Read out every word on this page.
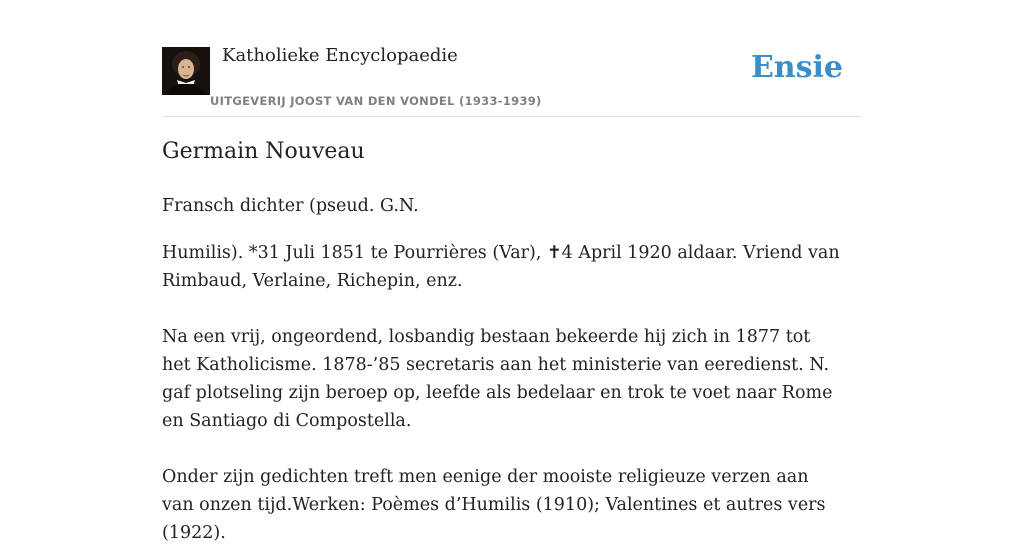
Katholieke Encyclopaedie
UITGEVERIJ JOOST VAN DEN VONDEL (1933-1939)
Ensie
Germain Nouveau

Fransch dichter (pseud. G.N.

Humilis). *31 Juli 1851 te Pourrières (Var), ✝4 April 1920 aldaar. Vriend van Rimbaud, Verlaine, Richepin, enz.

Na een vrij, ongeordend, losbandig bestaan bekeerde hij zich in 1877 tot het Katholicisme. 1878-’85 secretaris aan het ministerie van eeredienst. N. gaf plotseling zijn beroep op, leefde als bedelaar en trok te voet naar Rome en Santiago di Compostella.

Onder zijn gedichten treft men eenige der mooiste religieuze verzen aan van onzen tijd.Werken: Poèmes d’Humilis (1910); Valentines et autres vers (1922).
